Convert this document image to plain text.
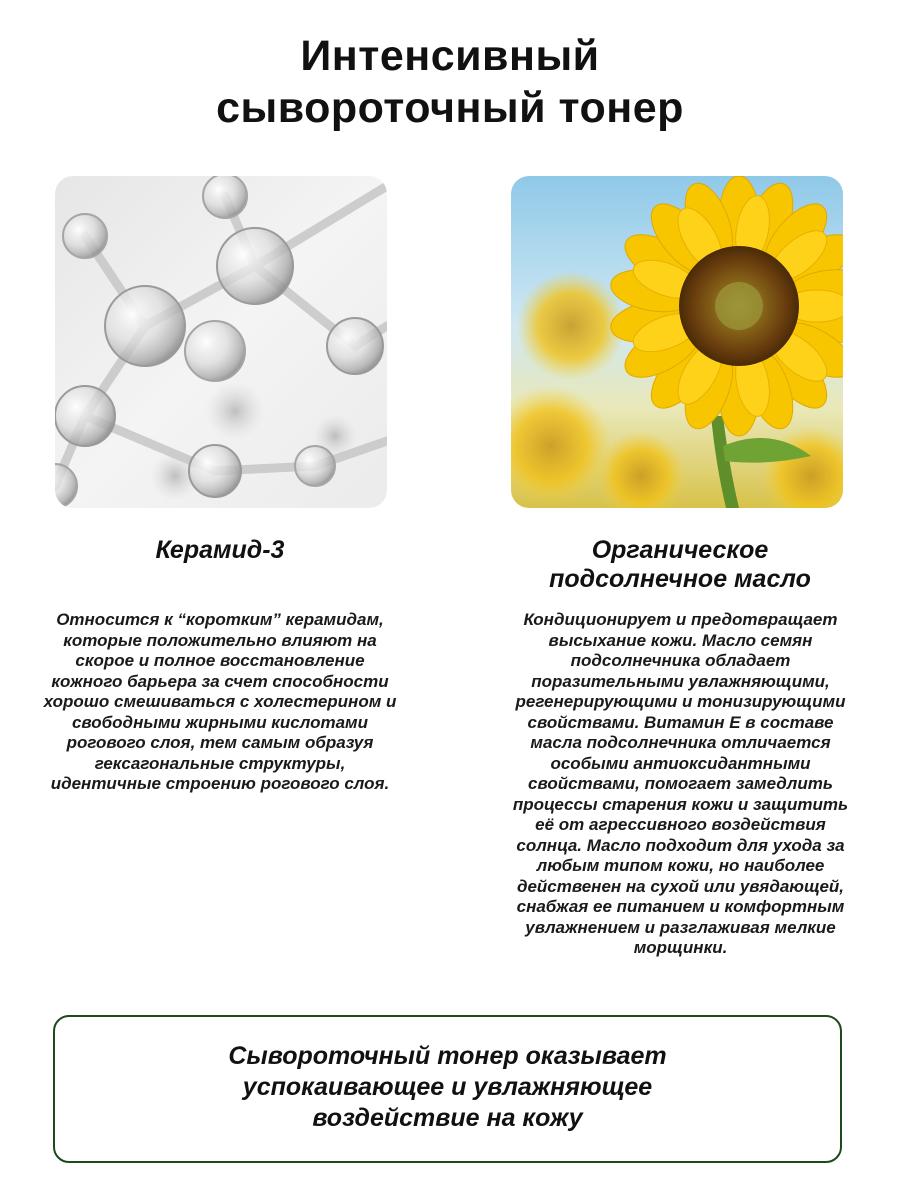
Интенсивный
сывороточный тонер
Керамид-3	Органическое
подсолнечное масло

Относится к “коротким” керамидам,
которые положительно влияют на
скорое и полное восстановление
кожного барьера за счет способности
хорошо смешиваться с холестерином и
свободными жирными кислотами
рогового слоя, тем самым образуя
гексагональные структуры,
идентичные строению рогового слоя.

Кондиционирует и предотвращает
высыхание кожи. Масло семян
подсолнечника обладает
поразительными увлажняющими,
регенерирующими и тонизирующими
свойствами. Витамин Е в составе
масла подсолнечника отличается
особыми антиоксидантными
свойствами, помогает замедлить
процессы старения кожи и защитить
её от агрессивного воздействия
солнца. Масло подходит для ухода за
любым типом кожи, но наиболее
действенен на сухой или увядающей,
снабжая ее питанием и комфортным
увлажнением и разглаживая мелкие
морщинки.

Сывороточный тонер оказывает
успокаивающее и увлажняющее
воздействие на кожу
